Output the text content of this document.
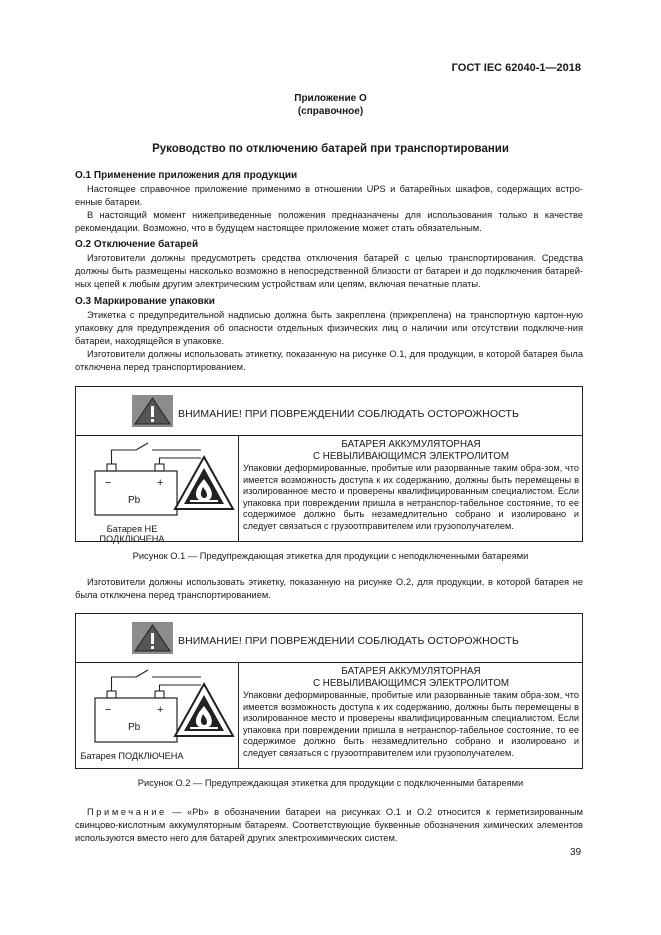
ГОСТ IEC 62040-1—2018
Приложение О
(справочное)
Руководство по отключению батарей при транспортировании
О.1 Применение приложения для продукции

Настоящее справочное приложение применимо в отношении UPS и батарейных шкафов, содержащих встро-енные батареи.

В настоящий момент нижеприведенные положения предназначены для использования только в качестве рекомендации. Возможно, что в будущем настоящее приложение может стать обязательным.

О.2 Отключение батарей

Изготовители должны предусмотреть средства отключения батарей с целью транспортирования. Средства должны быть размещены насколько возможно в непосредственной близости от батареи и до подключения батарей-ных цепей к любым другим электрическим устройствам или цепям, включая печатные платы.

О.3 Маркирование упаковки

Этикетка с предупредительной надписью должна быть закреплена (прикреплена) на транспортную картон-ную упаковку для предупреждения об опасности отдельных физических лиц о наличии или отсутствии подключе-ния батареи, находящейся в упаковке.

Изготовители должны использовать этикетку, показанную на рисунке О.1, для продукции, в которой батарея была отключена перед транспортированием.

ВНИМАНИЕ! ПРИ ПОВРЕЖДЕНИИ СОБЛЮДАТЬ ОСТОРОЖНОСТЬ
−	+
Pb
Батарея НЕ ПОДКЛЮЧЕНА
БАТАРЕЯ АККУМУЛЯТОРНАЯ
С НЕВЫЛИВАЮЩИМСЯ ЭЛЕКТРОЛИТОМ
Упаковки деформированные, пробитые или разорванные таким обра-зом, что имеется возможность доступа к их содержанию, должны быть перемещены в изолированное место и проверены квалифицированным специалистом. Если упаковка при повреждении пришла в нетранспор-табельное состояние, то ее содержимое должно быть незамедлительно собрано и изолировано и следует связаться с грузоотправителем или грузополучателем.
Рисунок О.1 — Предупреждающая этикетка для продукции с неподключенными батареями

Изготовители должны использовать этикетку, показанную на рисунке О.2, для продукции, в которой батарея не была отключена перед транспортированием.

ВНИМАНИЕ! ПРИ ПОВРЕЖДЕНИИ СОБЛЮДАТЬ ОСТОРОЖНОСТЬ
−	+
Pb
Батарея ПОДКЛЮЧЕНА
БАТАРЕЯ АККУМУЛЯТОРНАЯ
С НЕВЫЛИВАЮЩИМСЯ ЭЛЕКТРОЛИТОМ
Упаковки деформированные, пробитые или разорванные таким обра-зом, что имеется возможность доступа к их содержанию, должны быть перемещены в изолированное место и проверены квалифицированным специалистом. Если упаковка при повреждении пришла в нетранспор-табельное состояние, то ее содержимое должно быть незамедлительно собрано и изолировано и следует связаться с грузоотправителем или грузополучателем.
Рисунок О.2 — Предупреждающая этикетка для продукции с подключенными батареями

Примечание — «Pb» в обозначении батареи на рисунках О.1 и О.2 относится к герметизированным свинцово-кислотным аккумуляторным батареям. Соответствующие буквенные обозначения химических элементов используются вместо него для батарей других электрохимических систем.

39
